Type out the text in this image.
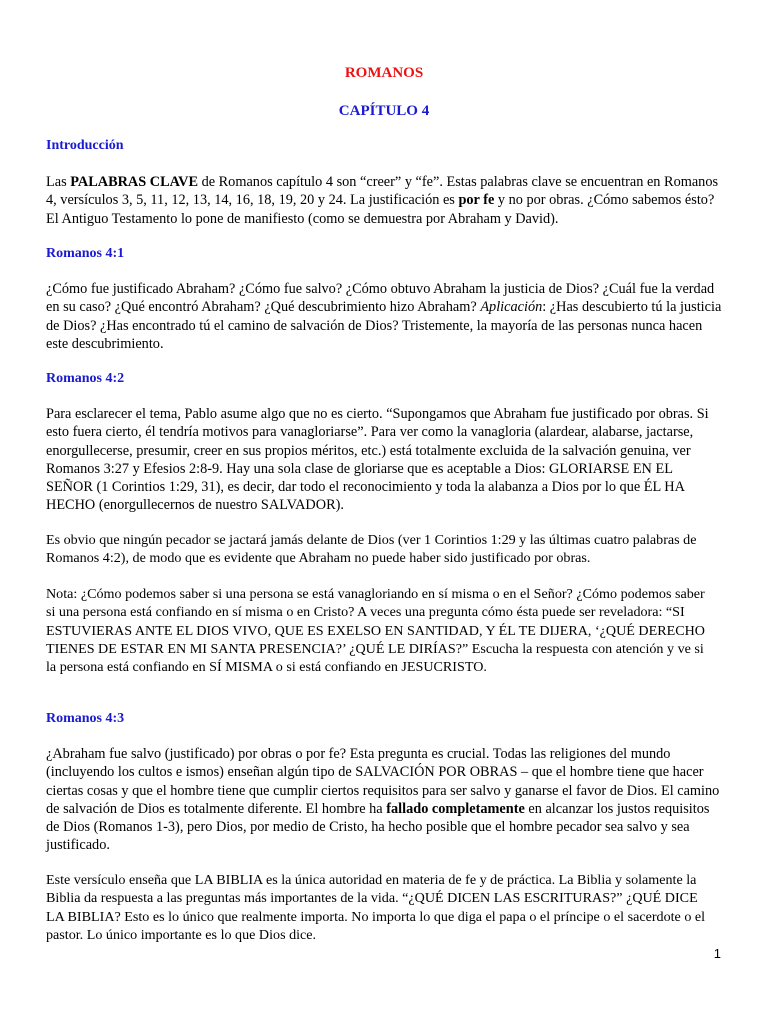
ROMANOS
CAPÍTULO 4
Introducción

Las PALABRAS CLAVE de Romanos capítulo 4 son “creer” y “fe”. Estas palabras clave se encuentran en Romanos 4, versículos 3, 5, 11, 12, 13, 14, 16, 18, 19, 20 y 24. La justificación es por fe y no por obras. ¿Cómo sabemos ésto? El Antiguo Testamento lo pone de manifiesto (como se demuestra por Abraham y David).

Romanos 4:1

¿Cómo fue justificado Abraham? ¿Cómo fue salvo? ¿Cómo obtuvo Abraham la justicia de Dios? ¿Cuál fue la verdad en su caso? ¿Qué encontró Abraham? ¿Qué descubrimiento hizo Abraham? Aplicación: ¿Has descubierto tú la justicia de Dios? ¿Has encontrado tú el camino de salvación de Dios? Tristemente, la mayoría de las personas nunca hacen este descubrimiento.

Romanos 4:2

Para esclarecer el tema, Pablo asume algo que no es cierto. “Supongamos que Abraham fue justificado por obras. Si esto fuera cierto, él tendría motivos para vanagloriarse”. Para ver como la vanagloria (alardear, alabarse, jactarse, enorgullecerse, presumir, creer en sus propios méritos, etc.) está totalmente excluida de la salvación genuina, ver Romanos 3:27 y Efesios 2:8-9. Hay una sola clase de gloriarse que es aceptable a Dios: GLORIARSE EN EL SEÑOR (1 Corintios 1:29, 31), es decir, dar todo el reconocimiento y toda la alabanza a Dios por lo que ÉL HA HECHO (enorgullecernos de nuestro SALVADOR).

Es obvio que ningún pecador se jactará jamás delante de Dios (ver 1 Corintios 1:29 y las últimas cuatro palabras de Romanos 4:2), de modo que es evidente que Abraham no puede haber sido justificado por obras.

Nota: ¿Cómo podemos saber si una persona se está vanagloriando en sí misma o en el Señor? ¿Cómo podemos saber si una persona está confiando en sí misma o en Cristo? A veces una pregunta cómo ésta puede ser reveladora: “SI ESTUVIERAS ANTE EL DIOS VIVO, QUE ES EXELSO EN SANTIDAD, Y ÉL TE DIJERA, ‘¿QUÉ DERECHO TIENES DE ESTAR EN MI SANTA PRESENCIA?’ ¿QUÉ LE DIRÍAS?” Escucha la respuesta con atención y ve si la persona está confiando en SÍ MISMA o si está confiando en JESUCRISTO.

Romanos 4:3

¿Abraham fue salvo (justificado) por obras o por fe? Esta pregunta es crucial. Todas las religiones del mundo (incluyendo los cultos e ismos) enseñan algún tipo de SALVACIÓN POR OBRAS – que el hombre tiene que hacer ciertas cosas y que el hombre tiene que cumplir ciertos requisitos para ser salvo y ganarse el favor de Dios. El camino de salvación de Dios es totalmente diferente. El hombre ha fallado completamente en alcanzar los justos requisitos de Dios (Romanos 1-3), pero Dios, por medio de Cristo, ha hecho posible que el hombre pecador sea salvo y sea justificado.

Este versículo enseña que LA BIBLIA es la única autoridad en materia de fe y de práctica. La Biblia y solamente la Biblia da respuesta a las preguntas más importantes de la vida. “¿QUÉ DICEN LAS ESCRITURAS?” ¿QUÉ DICE LA BIBLIA? Esto es lo único que realmente importa. No importa lo que diga el papa o el príncipe o el sacerdote o el pastor. Lo único importante es lo que Dios dice.

1
